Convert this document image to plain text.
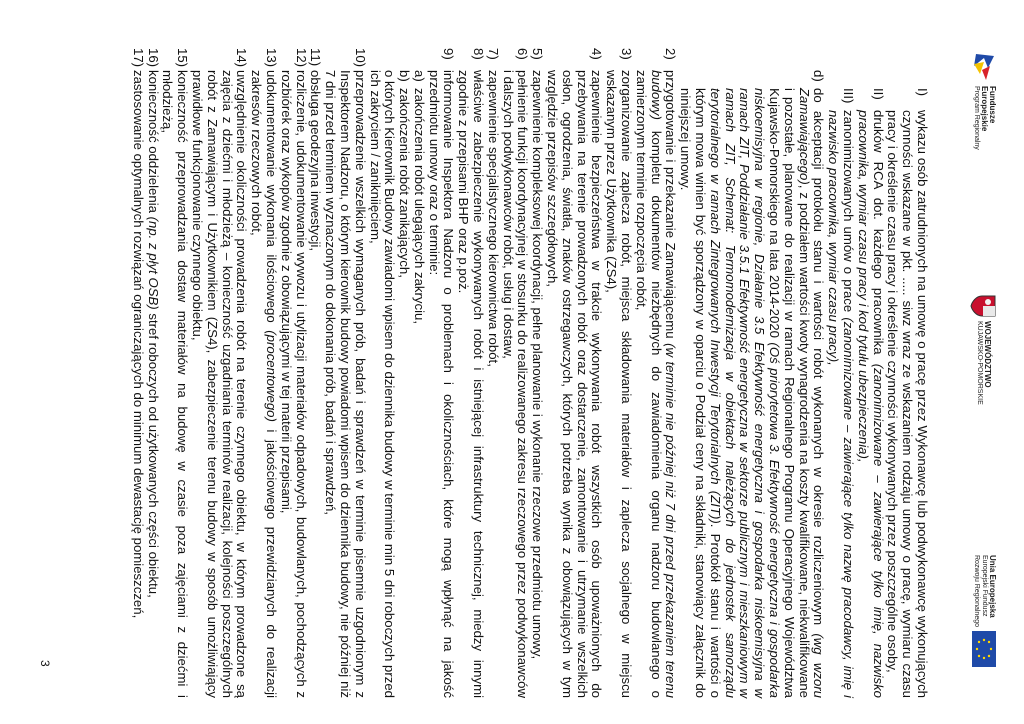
Fundusze
Europejskie
Program Regionalny
WOJEWÓDZTWO
KUJAWSKO-POMORSKIE
Unia Europejska
Europejski Fundusz
Rozwoju Regionalnego
I)
wykazu osób zatrudnionych na umowę o pracę przez Wykonawcę lub podwykonawcę wykonujących czynności wskazane w pkt. ..... siwz wraz ze wskazaniem rodzaju umowy o pracę, wymiaru czasu pracy i określenie czasu pracy i określenie czynności wykonywanych przez poszczególne osoby,
II)
druków RCA dot. każdego pracownika (zanonimizowane – zawierające tylko imię, nazwisko pracownika, wymiar czasu pracy i kod tytułu ubezpieczenia),
III)
zanonimizowanych umów o prace (zanonimizowane – zawierające tylko nazwę pracodawcy, imię i nazwisko pracownika, wymiar czasu pracy),
d)
do akceptacji protokołu stanu i wartości robót wykonanych w okresie rozliczeniowym (wg wzoru Zamawiającego), z podziałem wartości kwoty wynagrodzenia na koszty kwalifikowane, niekwalifikowane i pozostałe, planowane do realizacji w ramach Regionalnego Programu Operacyjnego Województwa Kujawsko-Pomorskiego na lata 2014-2020 (Oś priorytetowa 3. Efektywność energetyczna i gospodarka niskoemisyjna w regionie, Działanie 3.5 Efektywność energetyczna i gospodarka niskoemisyjna w ramach ZIT, Poddziałanie 3.5.1 Efektywność energetyczna w sektorze publicznym i mieszkaniowym w ramach ZIT, Schemat: Termomodernizacja w obiektach należących do jednostek samorządu terytorialnego w ramach Zintegrowanych Inwestycji Terytorialnych (ZIT)). Protokół stanu i wartości o którym mowa winien być sporządzony w oparciu o Podział ceny na składniki, stanowiący załącznik do niniejszej umowy.
2)
przygotowanie i przekazanie Zamawiającemu (w terminie nie później niż 7 dni przed przekazaniem terenu budowy) kompletu dokumentów niezbędnych do zawiadomienia organu nadzoru budowlanego o zamierzonym terminie rozpoczęcia robót,
3)
zorganizowanie zaplecza robót, miejsca składowania materiałów i zaplecza socjalnego w miejscu wskazanym przez Użytkownika (ZS4),
4)
zapewnienie bezpieczeństwa w trakcie wykonywania robót wszystkich osób upoważnionych do przebywania na terenie prowadzonych robót oraz dostarczenie, zamontowanie i utrzymanie wszelkich osłon, ogrodzenia, światła, znaków ostrzegawczych, których potrzeba wynika z obowiązujących w tym względzie przepisów szczegółowych,
5)
zapewnienie kompleksowej koordynacji, pełne planowanie i wykonanie rzeczowe przedmiotu umowy,
6)
pełnienie funkcji koordynacyjnej w stosunku do realizowanego zakresu rzeczowego przez podwykonawców i dalszych podwykonawców robót, usług i dostaw,
7)
zapewnienie specjalistycznego kierownictwa robót,
8)
właściwe zabezpieczenie wykonywanych robót i istniejącej infrastruktury technicznej, miedzy innymi zgodnie z przepisami BHP oraz p.poż.
9)
informowanie Inspektora Nadzoru o problemach i okolicznościach, które mogą wpłynąć na jakość przedmiotu umowy oraz o terminie:
a)
zakończenia robót ulegających zakryciu,
b)
zakończenia robót zanikających,
o których Kierownik Budowy zawiadomi wpisem do dziennika budowy w terminie min 5 dni roboczych przed ich zakryciem / zanikniięciem,
10)
przeprowadzenie wszelkich wymaganych prób, badań i sprawdzeń w terminie pisemnie uzgodnionym z Inspektorem Nadzoru, o którym kierownik budowy powiadomi wpisem do dziennika budowy, nie później niż 7 dni przed terminem wyznaczonym do dokonania prób, badań i sprawdzeń,
11)
obsługa geodezyjna inwestycji,
12)
rozliczenie, udokumentowanie wywozu i utylizacji materiałów odpadowych, budowlanych, pochodzących z rozbiórek oraz wykopów zgodnie z obowiązującymi w tej materii przepisami,
13)
udokumentowanie wykonania ilościowego (procentowego) i jakościowego przewidzianych do realizacji zakresów rzeczowych robót,
14)
uwzględnienie okoliczności prowadzenia robót na terenie czynnego obiektu, w którym prowadzone są zajęcia z dziećmi i młodzieżą – konieczność uzgadniania terminów realizacji, kolejności poszczególnych robót z Zamawiającym i Użytkownikiem (ZS4), zabezpieczenie terenu budowy w sposób umożliwiający prawidłowe funkcjonowanie czynnego obiektu,
15)
konieczność przeprowadzania dostaw materiałów na budowę w czasie poza zajęciami z dziećmi i młodzieżą,
16)
konieczność oddzielenia (np. z płyt OSB) stref roboczych od użytkowanych części obiektu,
17)
zastosowanie optymalnych rozwiązań ograniczających do minimum dewastację pomieszczeń,
3
